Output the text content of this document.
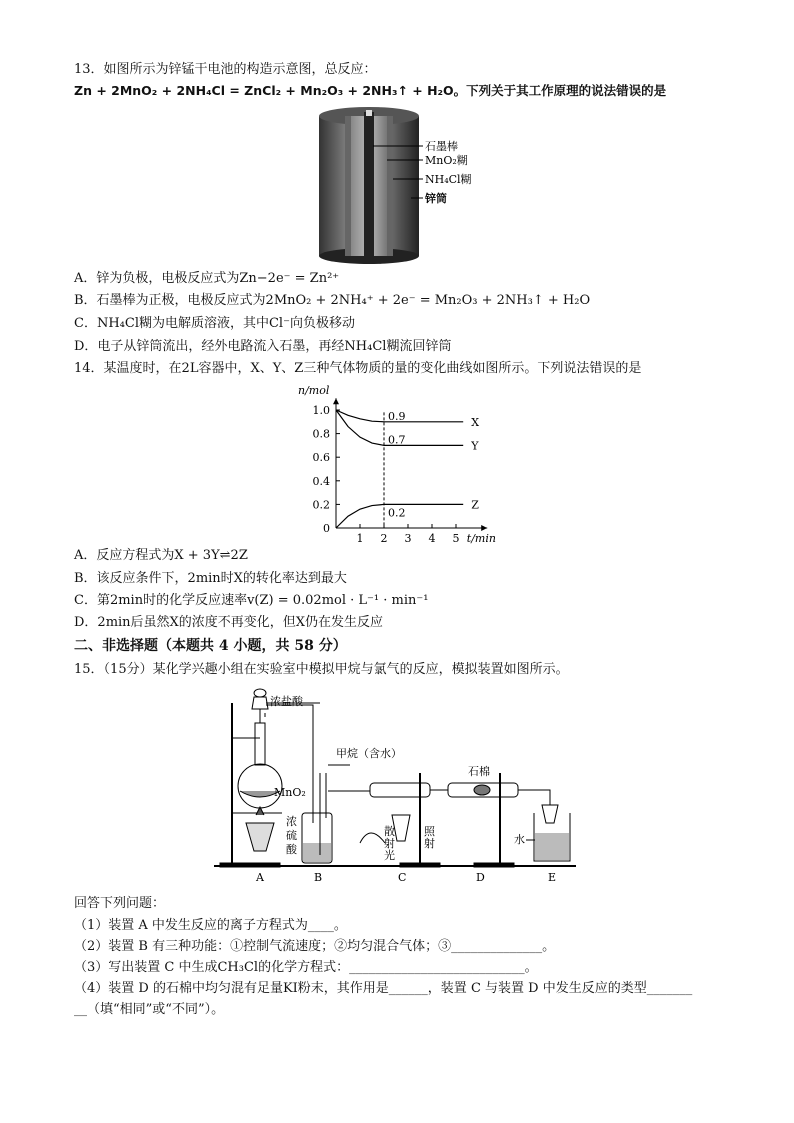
13．如图所示为锌锰干电池的构造示意图，总反应：
Zn + 2MnO₂ + 2NH₄Cl = ZnCl₂ + Mn₂O₃ + 2NH₃↑ + H₂O。下列关于其工作原理的说法错误的是
石墨棒
MnO₂糊
NH₄Cl糊
锌筒
A．锌为负极，电极反应式为Zn−2e⁻ = Zn²⁺
B．石墨棒为正极，电极反应式为2MnO₂ + 2NH₄⁺ + 2e⁻ = Mn₂O₃ + 2NH₃↑ + H₂O
C．NH₄Cl糊为电解质溶液，其中Cl⁻向负极移动
D．电子从锌筒流出，经外电路流入石墨，再经NH₄Cl糊流回锌筒
14．某温度时，在2L容器中，X、Y、Z三种气体物质的量的变化曲线如图所示。下列说法错误的是
0
0.2
0.4
0.6
0.8
1.0
1 2 3 4 5
n/mol
t/min
X
Y
Z
0.9
0.7
0.2
A．反应方程式为X + 3Y⇌2Z
B．该反应条件下，2min时X的转化率达到最大
C．第2min时的化学反应速率v(Z) = 0.02mol · L⁻¹ · min⁻¹
D．2min后虽然X的浓度不再变化，但X仍在发生反应
二、非选择题（本题共 4 小题，共 58 分）
15．（15分）某化学兴趣小组在实验室中模拟甲烷与氯气的反应，模拟装置如图所示。
浓盐酸
MnO₂
A
甲烷（含水）
浓
硫
酸
B
散
射
光
照
射
C
石棉
D
水
E
回答下列问题：
（1）装置 A 中发生反应的离子方程式为____。
（2）装置 B 有三种功能：①控制气流速度；②均匀混合气体；③______________。
（3）写出装置 C 中生成CH₃Cl的化学方程式：___________________________。
（4）装置 D 的石棉中均匀混有足量KI粉末，其作用是______，装置 C 与装置 D 中发生反应的类型_______
__（填“相同”或“不同”）。
